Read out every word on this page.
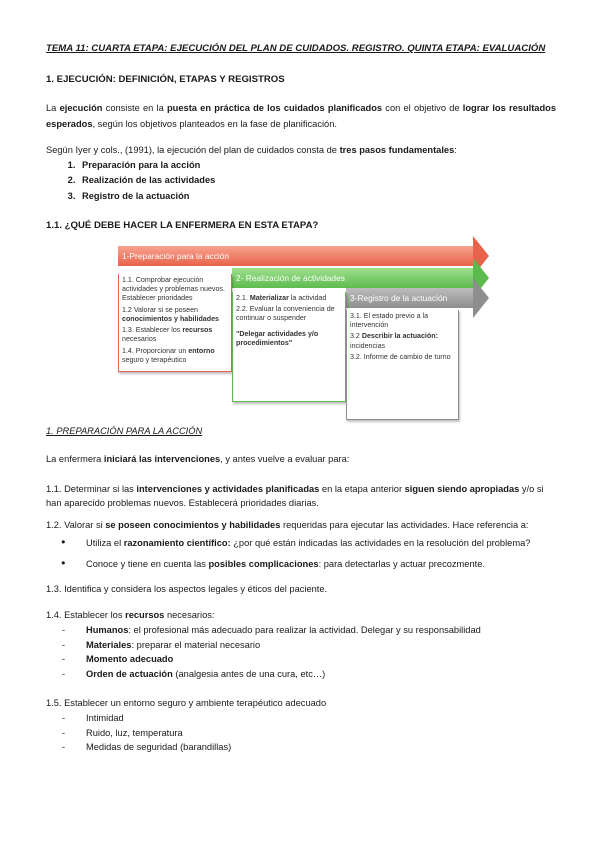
TEMA 11: CUARTA ETAPA: EJECUCIÓN DEL PLAN DE CUIDADOS. REGISTRO. QUINTA ETAPA: EVALUACIÓN
1. EJECUCIÓN: DEFINICIÓN, ETAPAS Y REGISTROS
La ejecución consiste en la puesta en práctica de los cuidados planificados con el objetivo de lograr los resultados esperados, según los objetivos planteados en la fase de planificación.
Según Iyer y cols., (1991), la ejecución del plan de cuidados consta de tres pasos fundamentales:
1. Preparación para la acción
2. Realización de las actividades
3. Registro de la actuación
1.1. ¿QUÉ DEBE HACER LA ENFERMERA EN ESTA ETAPA?
1-Preparación para la acción
2- Realización de actividades
3-Registro de la actuación

1.1. Comprobar ejecución actividades y problemas nuevos. Establecer prioridades

1.2 Valorar si se poseen conocimientos y habilidades

1.3. Establecer los recursos necesarios

1.4. Proporcionar un entorno seguro y terapéutico

2.1. Materializar la actividad

2.2. Evaluar la conveniencia de continuar o suspender

"Delegar actividades y/o procedimientos"

3.1. El estado previo a la intervención

3.2 Describir la actuación: incidencias

3.2. Informe de cambio de turno

1. PREPARACIÓN PARA LA ACCIÓN
La enfermera iniciará las intervenciones, y antes vuelve a evaluar para:
1.1. Determinar si las intervenciones y actividades planificadas en la etapa anterior siguen siendo apropiadas y/o si han aparecido problemas nuevos. Establecerá prioridades diarias.
1.2. Valorar si se poseen conocimientos y habilidades requeridas para ejecutar las actividades. Hace referencia a:
● Utiliza el razonamiento científico: ¿por qué están indicadas las actividades en la resolución del problema?
● Conoce y tiene en cuenta las posibles complicaciones: para detectarlas y actuar precozmente.
1.3. Identifica y considera los aspectos legales y éticos del paciente.
1.4. Establecer los recursos necesarios:
- Humanos: el profesional más adecuado para realizar la actividad. Delegar y su responsabilidad
- Materiales: preparar el material necesario
- Momento adecuado
- Orden de actuación (analgesia antes de una cura, etc…)
1.5. Establecer un entorno seguro y ambiente terapéutico adecuado
- Intimidad
- Ruido, luz, temperatura
- Medidas de seguridad (barandillas)
